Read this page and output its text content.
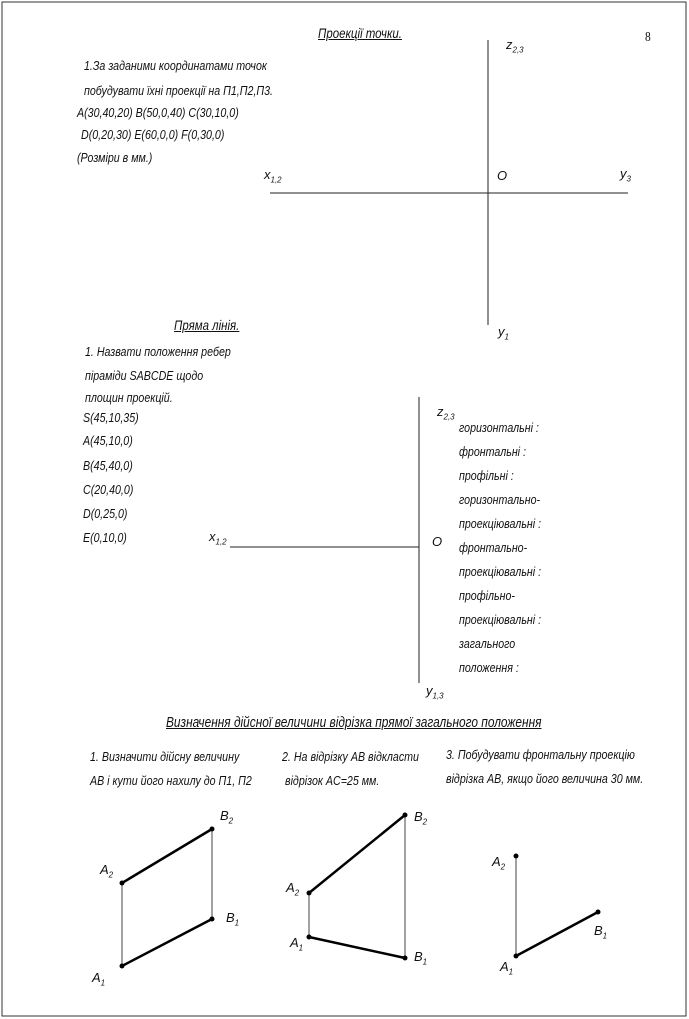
8
Проекції точки.
1.За заданими координатами точок
побудувати їхні проекції на П1,П2,П3.
A(30,40,20) B(50,0,40) C(30,10,0)
D(0,20,30) E(60,0,0) F(0,30,0)
(Розміри в мм.)
$z_{2,3}$
$x_{1,2}$	O	$y_3$
$y_1$
Пряма лінія.
1. Назвати положення ребер
піраміди SABCDE щодо
площин проекцій.
S(45,10,35)
A(45,10,0)
B(45,40,0)
C(20,40,0)
D(0,25,0)
E(0,10,0)
горизонтальні :
фронтальні :
профільні :
горизонтально-
проекціювальні :
фронтально-
проекціювальні :
профільно-
проекціювальні :
загального
положення :
$z_{2,3}$
$x_{1,2}$	O
$y_{1,3}$
Визначення дійсної величини відрізка прямої загального положення
1. Визначити дійсну величину
AB і кути його нахилу до П1, П2
2. На відрізку AB відкласти
відрізок AC=25 мм.
3. Побудувати фронтальну проекцію
відрізка AB, якщо його величина 30 мм.
$A_2$
$B_2$
$B_1$
$A_1$
$A_2$
$B_2$
$B_1$
$A_1$
$A_2$
$B_1$
$A_1$
